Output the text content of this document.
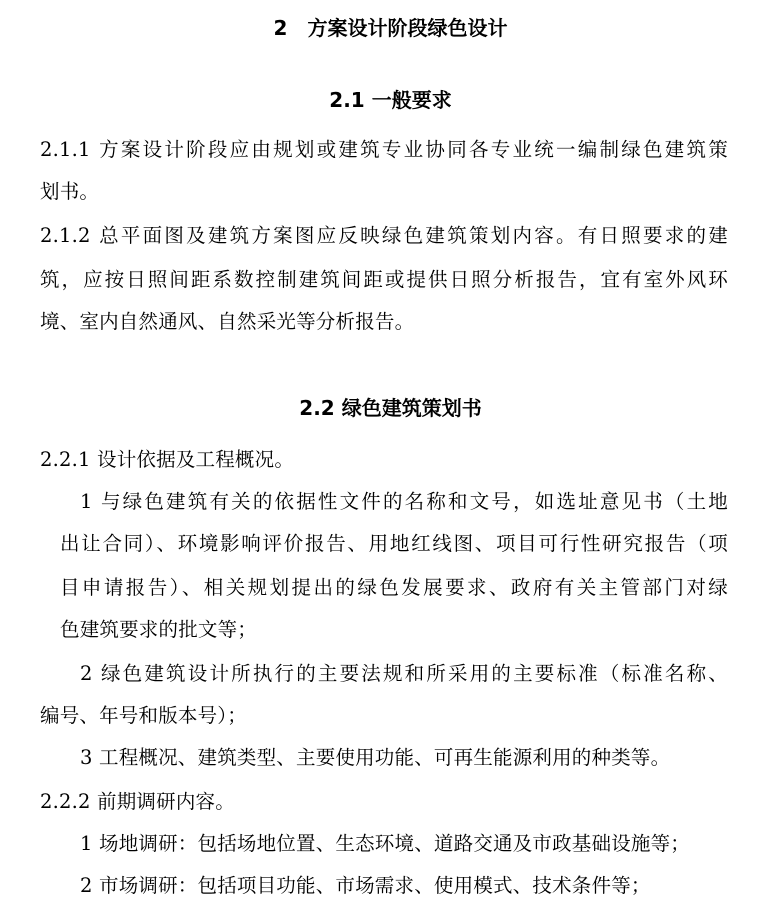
2　方案设计阶段绿色设计
2.1 一般要求
2.1.1 方案设计阶段应由规划或建筑专业协同各专业统一编制绿色建筑策
划书。
2.1.2 总平面图及建筑方案图应反映绿色建筑策划内容。有日照要求的建
筑，应按日照间距系数控制建筑间距或提供日照分析报告，宜有室外风环
境、室内自然通风、自然采光等分析报告。
2.2 绿色建筑策划书
2.2.1 设计依据及工程概况。
1 与绿色建筑有关的依据性文件的名称和文号，如选址意见书（土地
出让合同）、环境影响评价报告、用地红线图、项目可行性研究报告（项
目申请报告）、相关规划提出的绿色发展要求、政府有关主管部门对绿
色建筑要求的批文等；
2 绿色建筑设计所执行的主要法规和所采用的主要标准（标准名称、
编号、年号和版本号）；
3 工程概况、建筑类型、主要使用功能、可再生能源利用的种类等。
2.2.2 前期调研内容。
1 场地调研：包括场地位置、生态环境、道路交通及市政基础设施等；
2 市场调研：包括项目功能、市场需求、使用模式、技术条件等；
